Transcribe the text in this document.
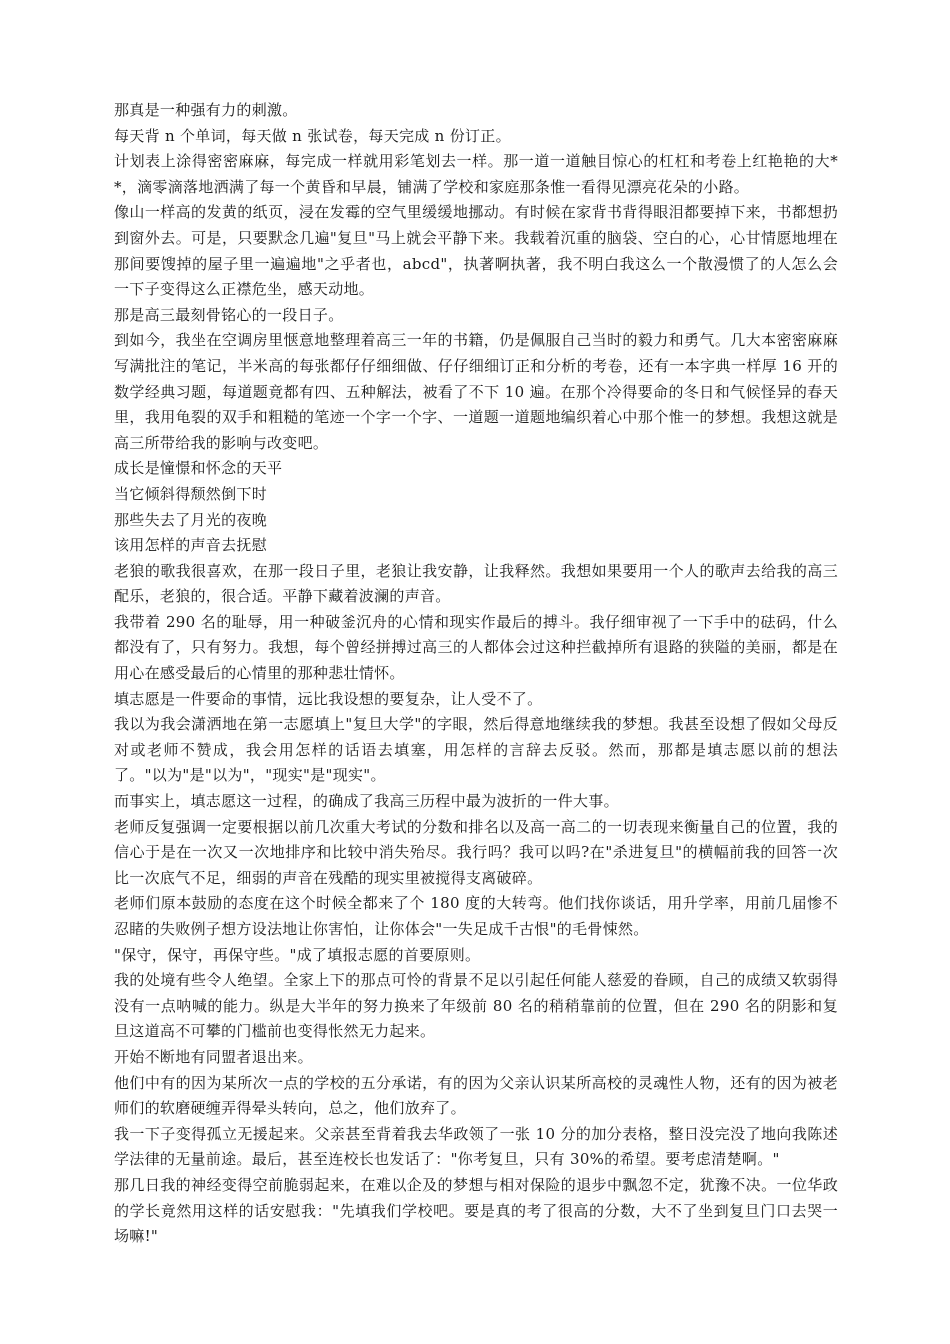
那真是一种强有力的刺激。

每天背 n 个单词，每天做 n 张试卷，每天完成 n 份订正。

计划表上涂得密密麻麻，每完成一样就用彩笔划去一样。那一道一道触目惊心的杠杠和考卷上红艳艳的大**，滴零滴落地洒满了每一个黄昏和早晨，铺满了学校和家庭那条惟一看得见漂亮花朵的小路。

像山一样高的发黄的纸页，浸在发霉的空气里缓缓地挪动。有时候在家背书背得眼泪都要掉下来，书都想扔到窗外去。可是，只要默念几遍"复旦"马上就会平静下来。我载着沉重的脑袋、空白的心，心甘情愿地埋在那间要馊掉的屋子里一遍遍地"之乎者也，abcd"，执著啊执著，我不明白我这么一个散漫惯了的人怎么会一下子变得这么正襟危坐，感天动地。

那是高三最刻骨铭心的一段日子。

到如今，我坐在空调房里惬意地整理着高三一年的书籍，仍是佩服自己当时的毅力和勇气。几大本密密麻麻写满批注的笔记，半米高的每张都仔仔细细做、仔仔细细订正和分析的考卷，还有一本字典一样厚 16 开的数学经典习题，每道题竟都有四、五种解法，被看了不下 10 遍。在那个冷得要命的冬日和气候怪异的春天里，我用龟裂的双手和粗糙的笔迹一个字一个字、一道题一道题地编织着心中那个惟一的梦想。我想这就是高三所带给我的影响与改变吧。

成长是憧憬和怀念的天平

当它倾斜得颓然倒下时

那些失去了月光的夜晚

该用怎样的声音去抚慰

老狼的歌我很喜欢，在那一段日子里，老狼让我安静，让我释然。我想如果要用一个人的歌声去给我的高三配乐，老狼的，很合适。平静下藏着波澜的声音。

我带着 290 名的耻辱，用一种破釜沉舟的心情和现实作最后的搏斗。我仔细审视了一下手中的砝码，什么都没有了，只有努力。我想，每个曾经拼搏过高三的人都体会过这种拦截掉所有退路的狭隘的美丽，都是在用心在感受最后的心情里的那种悲壮情怀。

填志愿是一件要命的事情，远比我设想的要复杂，让人受不了。

我以为我会潇洒地在第一志愿填上"复旦大学"的字眼，然后得意地继续我的梦想。我甚至设想了假如父母反对或老师不赞成，我会用怎样的话语去填塞，用怎样的言辞去反驳。然而，那都是填志愿以前的想法了。"以为"是"以为"，"现实"是"现实"。

而事实上，填志愿这一过程，的确成了我高三历程中最为波折的一件大事。

老师反复强调一定要根据以前几次重大考试的分数和排名以及高一高二的一切表现来衡量自己的位置，我的信心于是在一次又一次地排序和比较中消失殆尽。我行吗？我可以吗?在"杀进复旦"的横幅前我的回答一次比一次底气不足，细弱的声音在残酷的现实里被搅得支离破碎。

老师们原本鼓励的态度在这个时候全都来了个 180 度的大转弯。他们找你谈话，用升学率，用前几届惨不忍睹的失败例子想方设法地让你害怕，让你体会"一失足成千古恨"的毛骨悚然。

"保守，保守，再保守些。"成了填报志愿的首要原则。

我的处境有些令人绝望。全家上下的那点可怜的背景不足以引起任何能人慈爱的眷顾，自己的成绩又软弱得没有一点呐喊的能力。纵是大半年的努力换来了年级前 80 名的稍稍靠前的位置，但在 290 名的阴影和复旦这道高不可攀的门槛前也变得怅然无力起来。

开始不断地有同盟者退出来。

他们中有的因为某所次一点的学校的五分承诺，有的因为父亲认识某所高校的灵魂性人物，还有的因为被老师们的软磨硬缠弄得晕头转向，总之，他们放弃了。

我一下子变得孤立无援起来。父亲甚至背着我去华政领了一张 10 分的加分表格，整日没完没了地向我陈述学法律的无量前途。最后，甚至连校长也发话了："你考复旦，只有 30%的希望。要考虑清楚啊。"

那几日我的神经变得空前脆弱起来，在难以企及的梦想与相对保险的退步中飘忽不定，犹豫不决。一位华政的学长竟然用这样的话安慰我："先填我们学校吧。要是真的考了很高的分数，大不了坐到复旦门口去哭一场嘛!"
